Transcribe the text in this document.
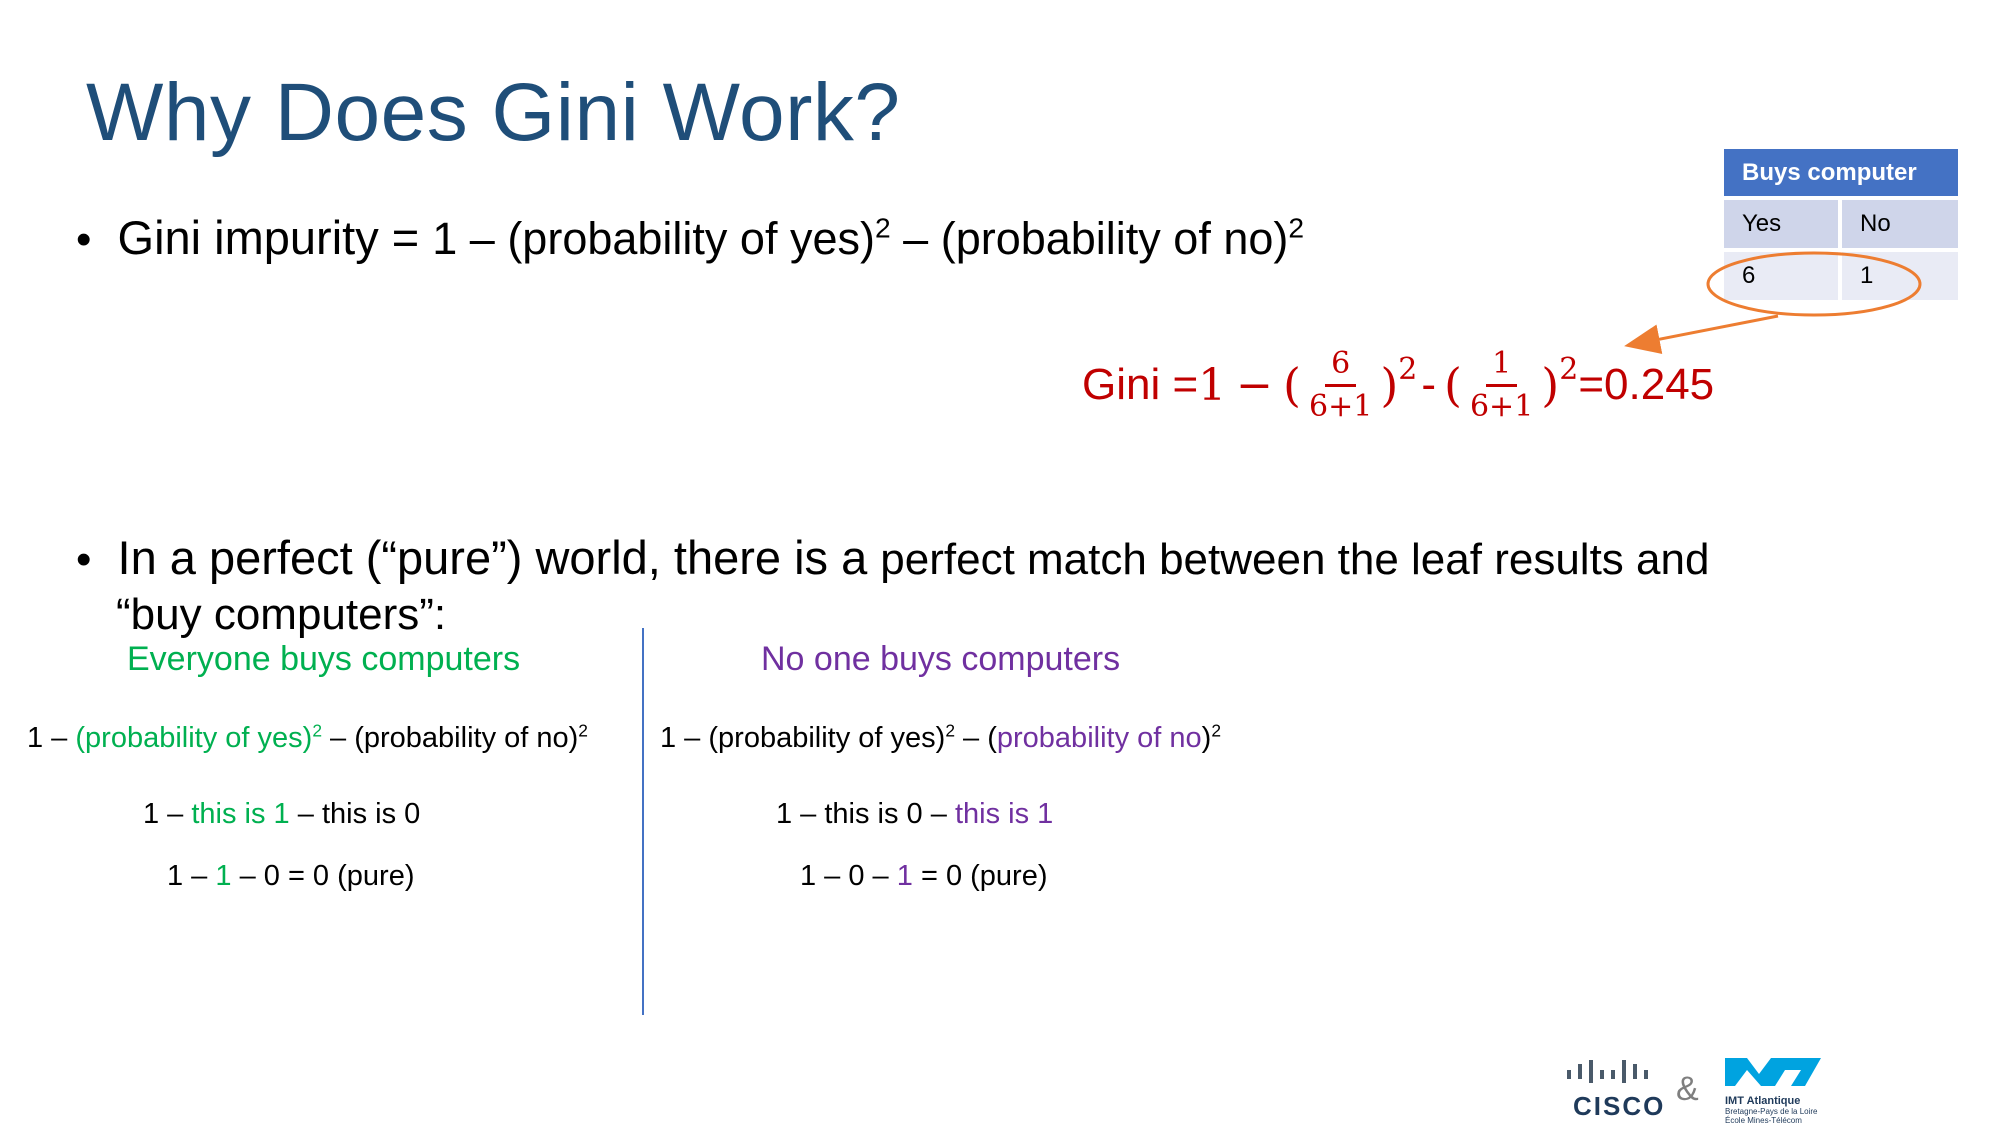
Why Does Gini Work?
• Gini impurity = 1 – (probability of yes)$^2$ – (probability of no)$^2$
Buys computer
Yes	No
6	1
Gini = 1 − ( $\frac{6}{6+1}$ ) 2 - ( $\frac{1}{6+1}$ ) 2 =0.245
• In a perfect (“pure”) world, there is a perfect match between the leaf results and
“buy computers”:
Everyone buys computers
1 – (probability of yes)$^2$ – (probability of no)$^2$
1 – this is 1 – this is 0
1 – 1 – 0 = 0 (pure)
No one buys computers
1 – (probability of yes)$^2$ – (probability of no)$^2$
1 – this is 0 – this is 1
1 – 0 – 1 = 0 (pure)
CISCO & IMT Atlantique
Bretagne-Pays de la Loire
École Mines-Télécom
